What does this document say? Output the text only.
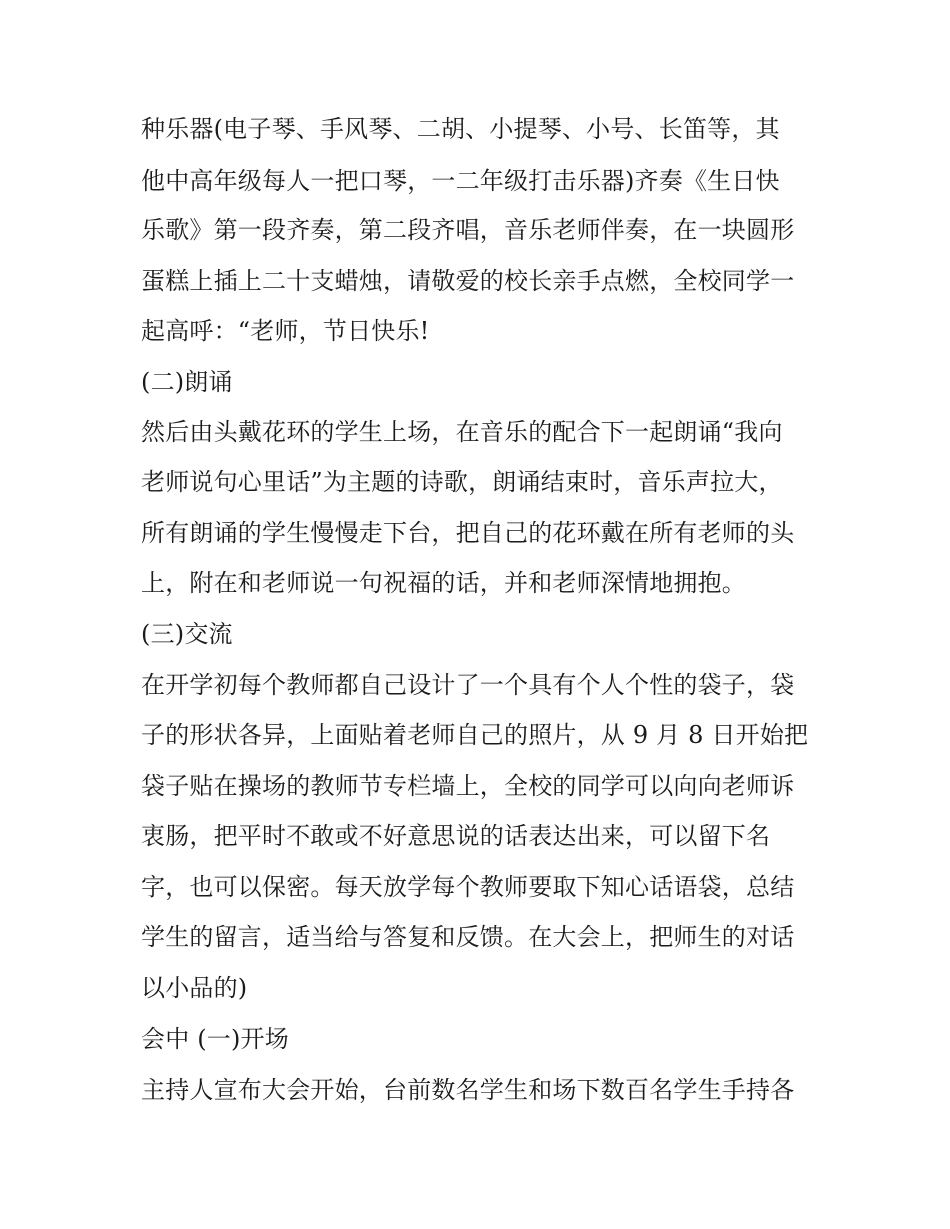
种乐器(电子琴、手风琴、二胡、小提琴、小号、长笛等，其
他中高年级每人一把口琴，一二年级打击乐器)齐奏《生日快
乐歌》第一段齐奏，第二段齐唱，音乐老师伴奏，在一块圆形
蛋糕上插上二十支蜡烛，请敬爱的校长亲手点燃，全校同学一
起高呼：“老师，节日快乐!
(二)朗诵
然后由头戴花环的学生上场，在音乐的配合下一起朗诵“我向
老师说句心里话”为主题的诗歌，朗诵结束时，音乐声拉大，
所有朗诵的学生慢慢走下台，把自己的花环戴在所有老师的头
上，附在和老师说一句祝福的话，并和老师深情地拥抱。
(三)交流
在开学初每个教师都自己设计了一个具有个人个性的袋子，袋
子的形状各异，上面贴着老师自己的照片，从 9 月 8 日开始把
袋子贴在操场的教师节专栏墙上，全校的同学可以向向老师诉
衷肠，把平时不敢或不好意思说的话表达出来，可以留下名
字，也可以保密。每天放学每个教师要取下知心话语袋，总结
学生的留言，适当给与答复和反馈。在大会上，把师生的对话
以小品的)
会中 (一)开场
主持人宣布大会开始，台前数名学生和场下数百名学生手持各
